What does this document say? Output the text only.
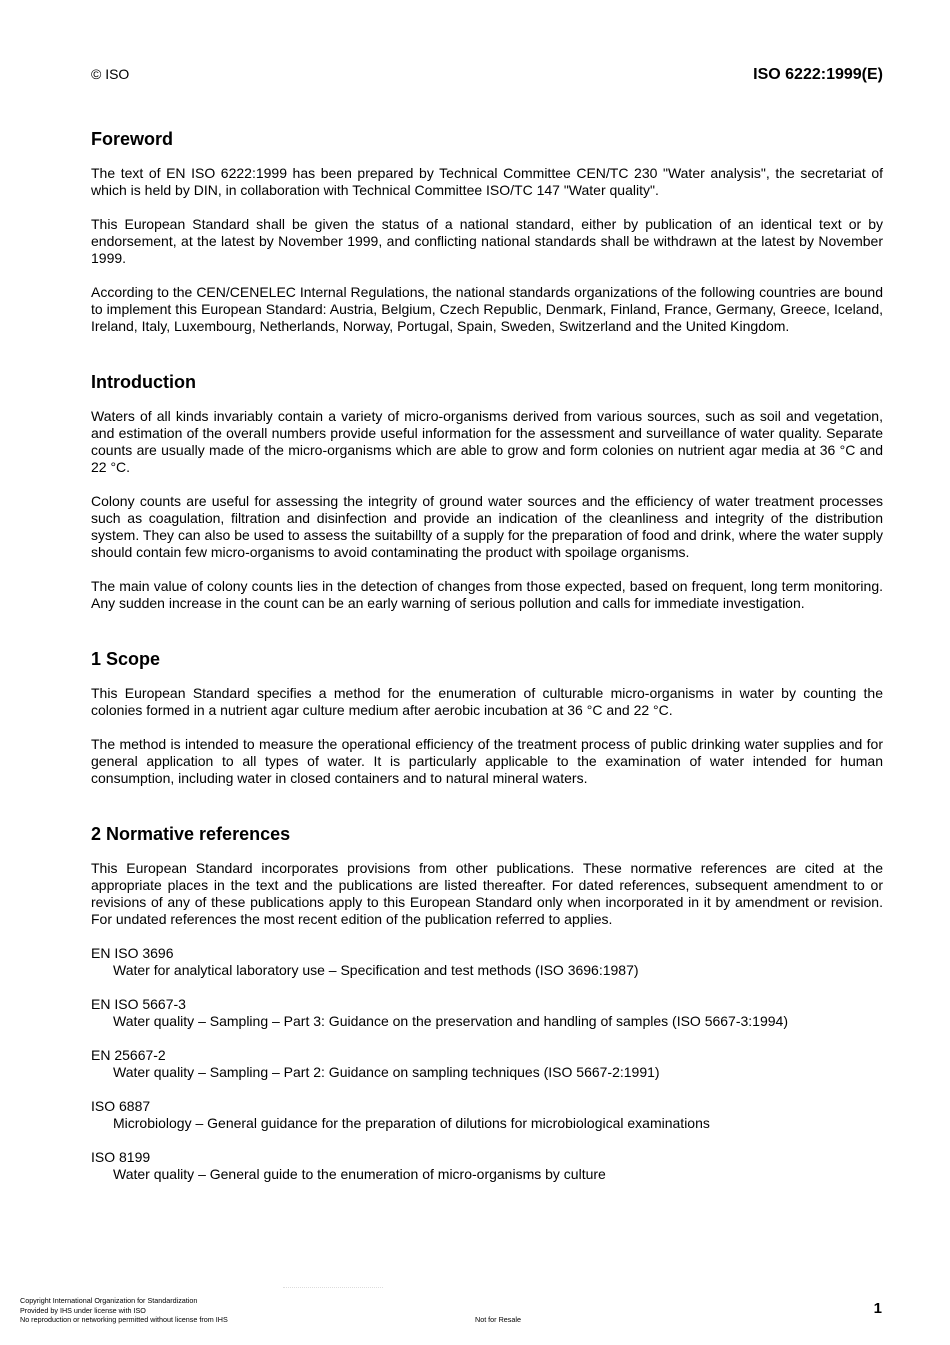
© ISO	ISO 6222:1999(E)
Foreword

The text of EN ISO 6222:1999 has been prepared by Technical Committee CEN/TC 230 "Water analysis", the secretariat of which is held by DIN, in collaboration with Technical Committee ISO/TC 147 "Water quality".

This European Standard shall be given the status of a national standard, either by publication of an identical text or by endorsement, at the latest by November 1999, and conflicting national standards shall be withdrawn at the latest by November 1999.

According to the CEN/CENELEC Internal Regulations, the national standards organizations of the following countries are bound to implement this European Standard: Austria, Belgium, Czech Republic, Denmark, Finland, France, Germany, Greece, Iceland, Ireland, Italy, Luxembourg, Netherlands, Norway, Portugal, Spain, Sweden, Switzerland and the United Kingdom.

Introduction

Waters of all kinds invariably contain a variety of micro-organisms derived from various sources, such as soil and vegetation, and estimation of the overall numbers provide useful information for the assessment and surveillance of water quality. Separate counts are usually made of the micro-organisms which are able to grow and form colonies on nutrient agar media at 36 °C and 22 °C.

Colony counts are useful for assessing the integrity of ground water sources and the efficiency of water treatment processes such as coagulation, filtration and disinfection and provide an indication of the cleanliness and integrity of the distribution system. They can also be used to assess the suitabillty of a supply for the preparation of food and drink, where the water supply should contain few micro-organisms to avoid contaminating the product with spoilage organisms.

The main value of colony counts lies in the detection of changes from those expected, based on frequent, long term monitoring. Any sudden increase in the count can be an early warning of serious pollution and calls for immediate investigation.

1 Scope

This European Standard specifies a method for the enumeration of culturable micro-organisms in water by counting the colonies formed in a nutrient agar culture medium after aerobic incubation at 36 °C and 22 °C.

The method is intended to measure the operational efficiency of the treatment process of public drinking water supplies and for general application to all types of water. It is particularly applicable to the examination of water intended for human consumption, including water in closed containers and to natural mineral waters.

2 Normative references

This European Standard incorporates provisions from other publications. These normative references are cited at the appropriate places in the text and the publications are listed thereafter. For dated references, subsequent amendment to or revisions of any of these publications apply to this European Standard only when incorporated in it by amendment or revision. For undated references the most recent edition of the publication referred to applies.

EN ISO 3696
Water for analytical laboratory use – Specification and test methods (ISO 3696:1987)
EN ISO 5667-3
Water quality – Sampling – Part 3: Guidance on the preservation and handling of samples (ISO 5667-3:1994)
EN 25667-2
Water quality – Sampling – Part 2: Guidance on sampling techniques (ISO 5667-2:1991)
ISO 6887
Microbiology – General guidance for the preparation of dilutions for microbiological examinations
ISO 8199
Water quality – General guide to the enumeration of micro-organisms by culture
Copyright International Organization for Standardization
Provided by IHS under license with ISO
No reproduction or networking permitted without license from IHS	Not for Resale
1
